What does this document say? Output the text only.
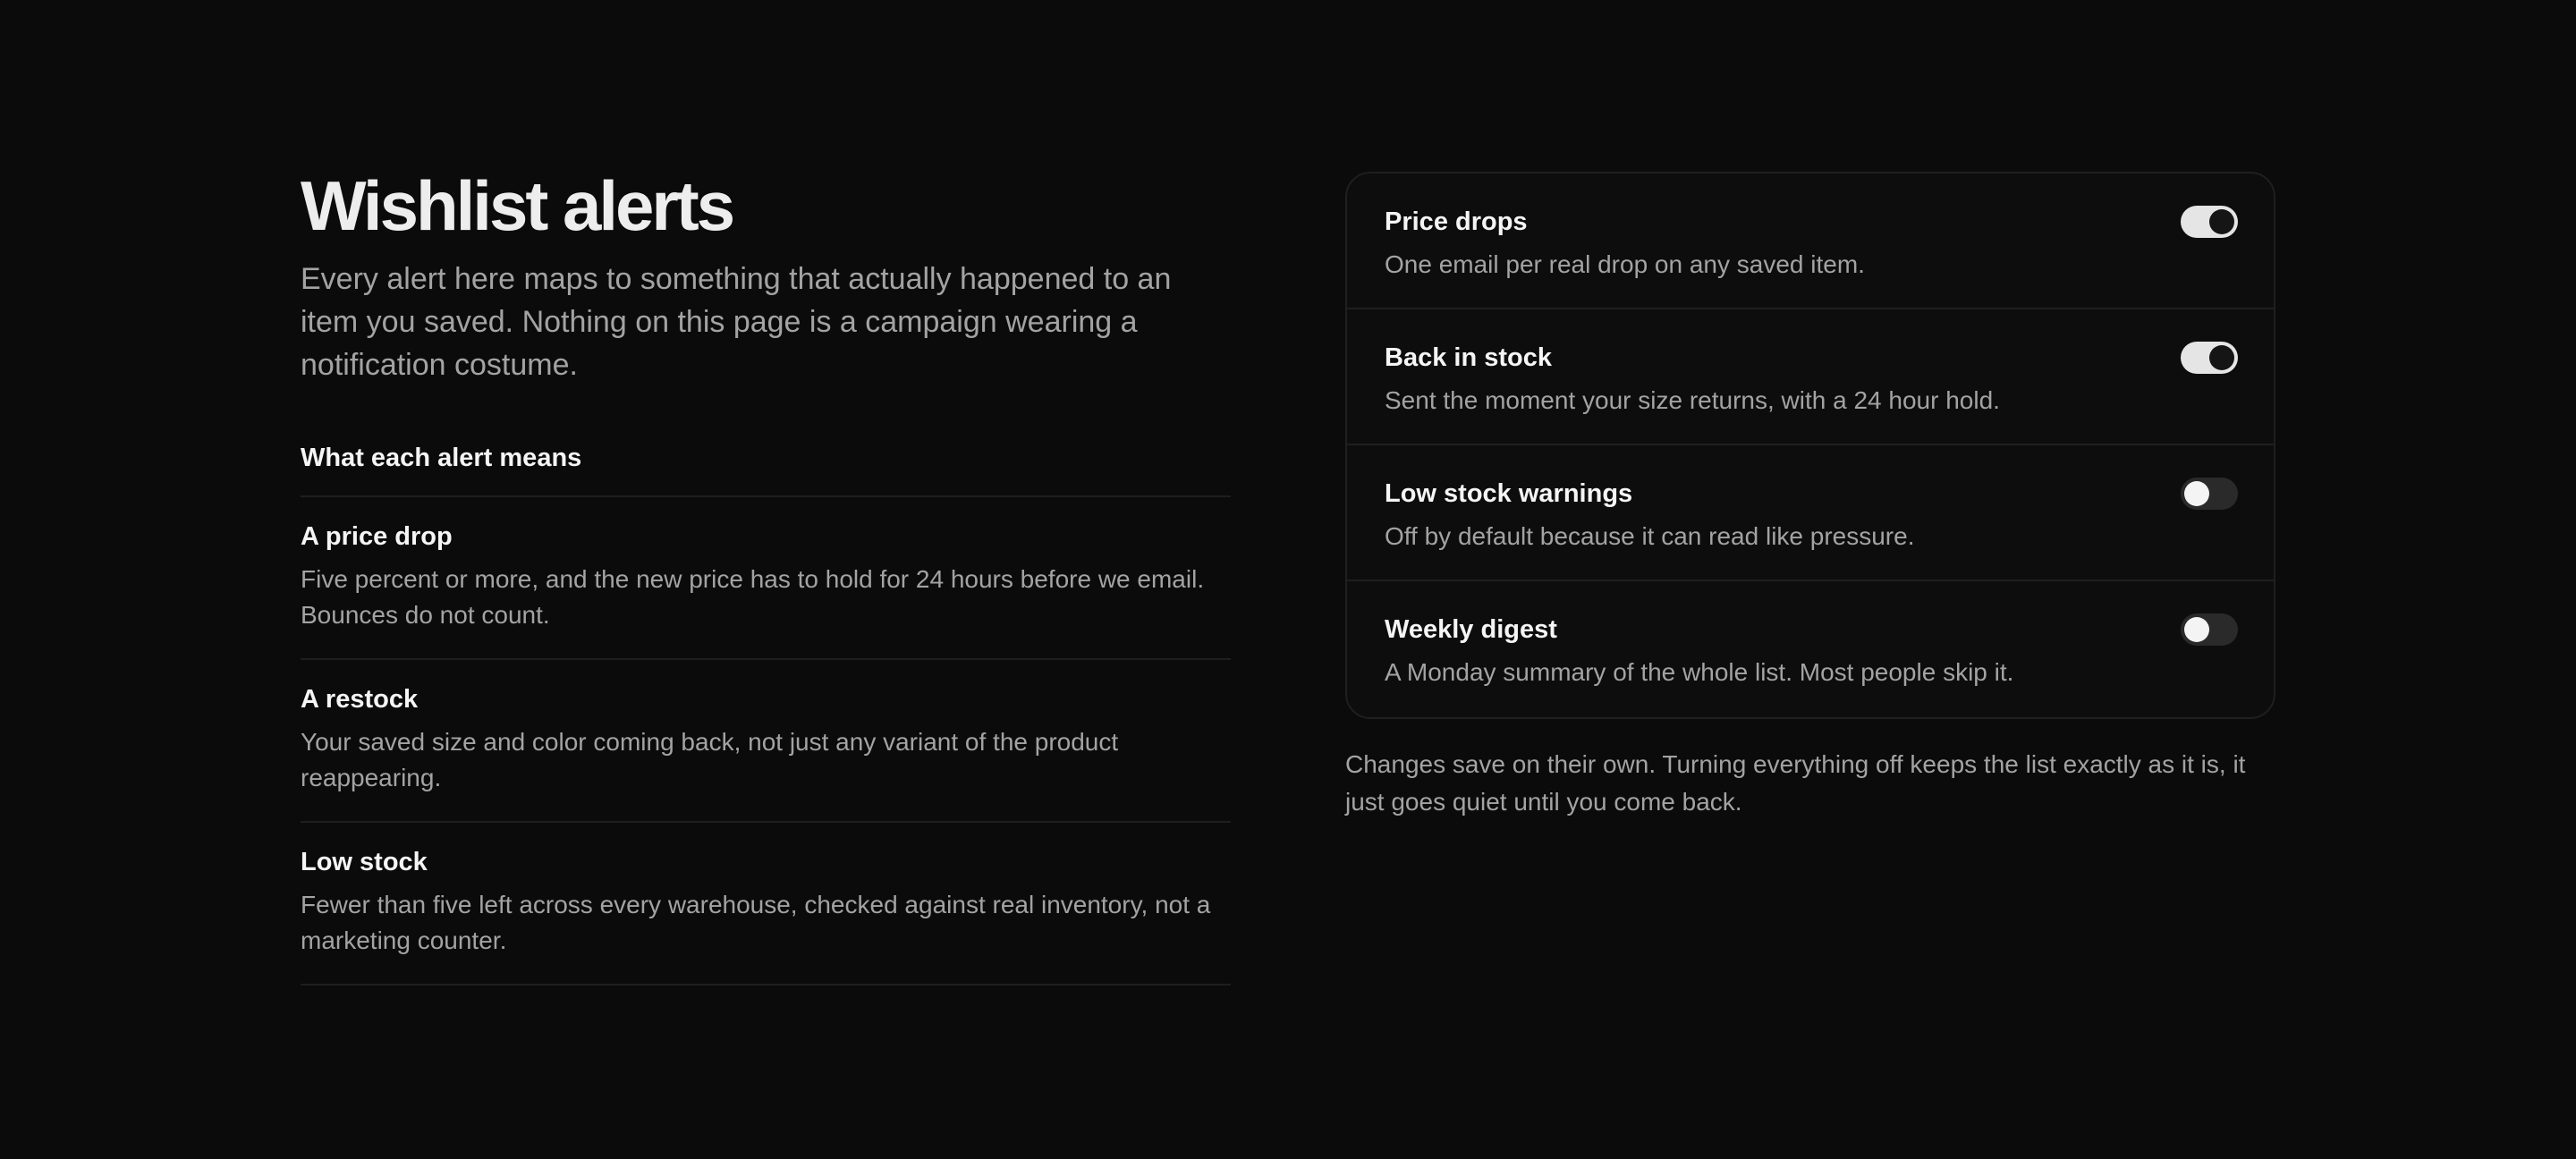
Wishlist alerts

Every alert here maps to something that actually happened to an item you saved. Nothing on this page is a campaign wearing a notification costume.

What each alert means
A price drop
Five percent or more, and the new price has to hold for 24 hours before we email. Bounces do not count.
A restock
Your saved size and color coming back, not just any variant of the product reappearing.
Low stock
Fewer than five left across every warehouse, checked against real inventory, not a marketing counter.
Price drops
One email per real drop on any saved item.
Back in stock
Sent the moment your size returns, with a 24 hour hold.
Low stock warnings
Off by default because it can read like pressure.
Weekly digest
A Monday summary of the whole list. Most people skip it.
Changes save on their own. Turning everything off keeps the list exactly as it is, it just goes quiet until you come back.
